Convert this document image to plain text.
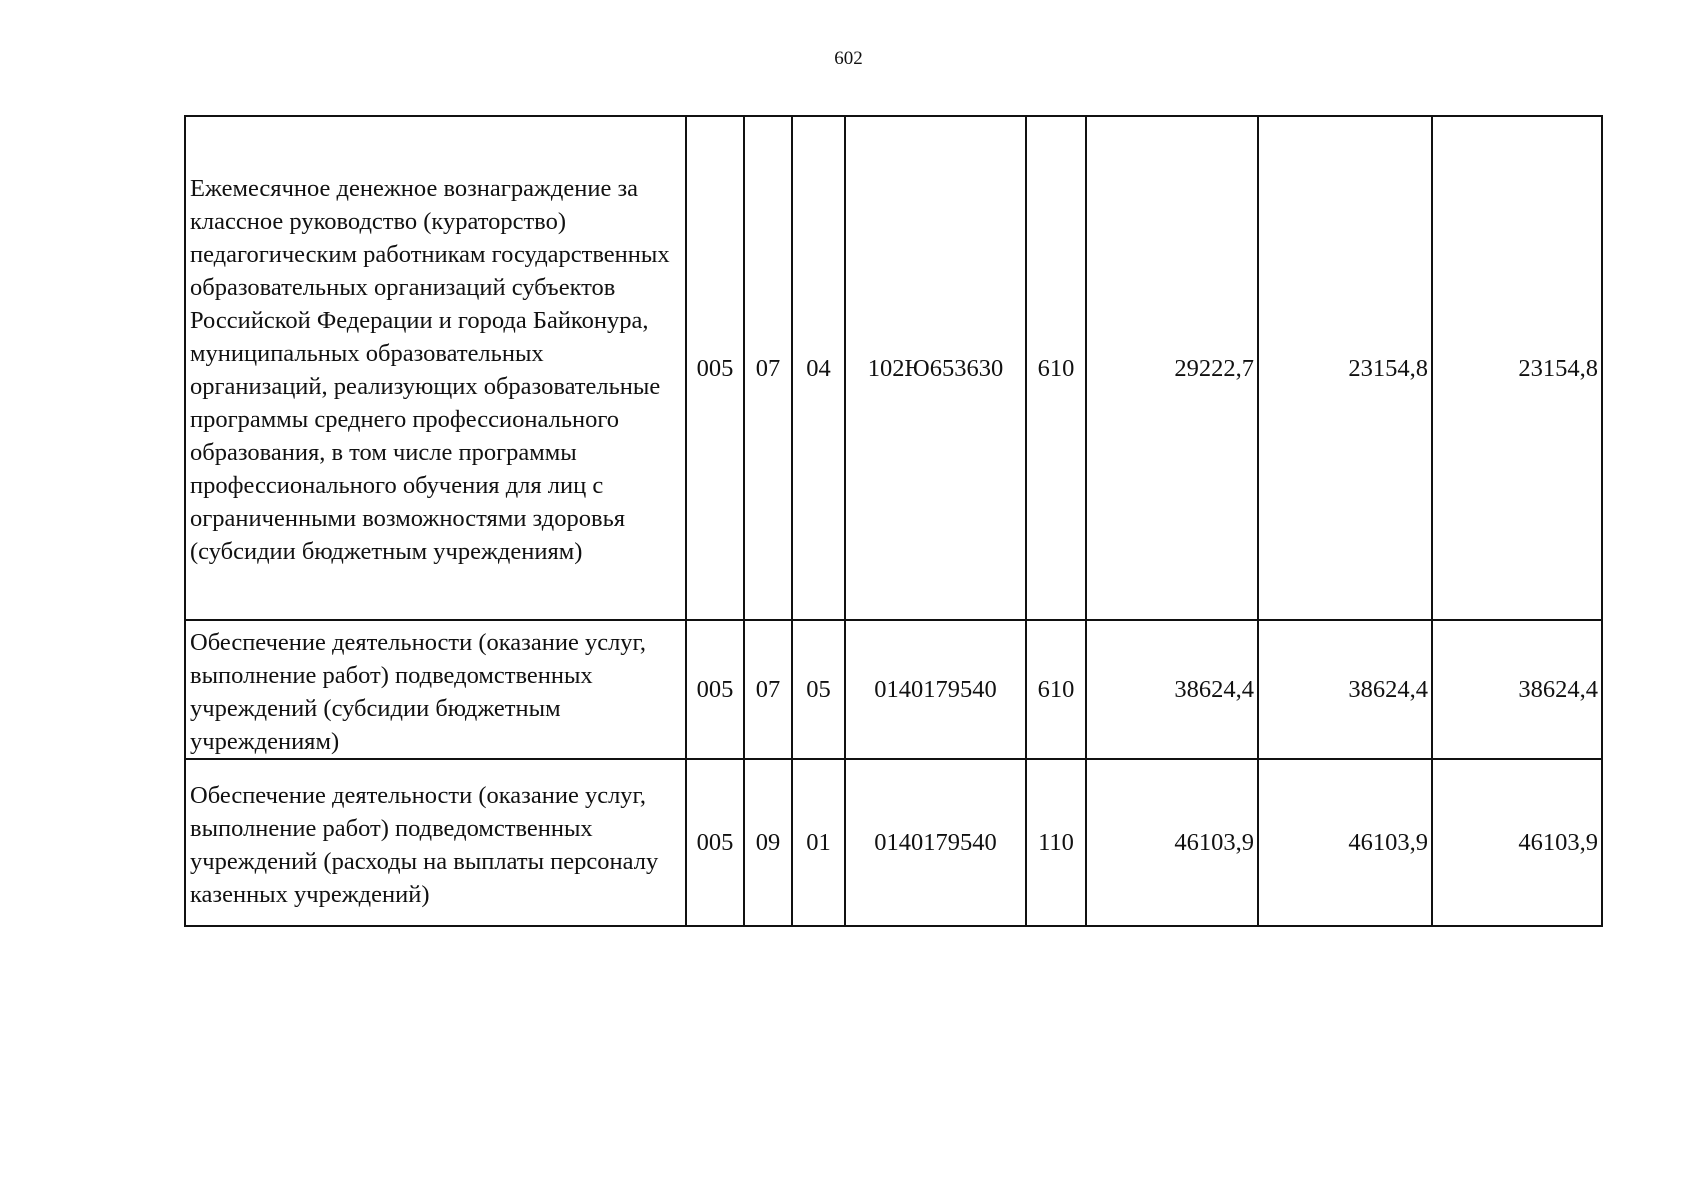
602
Ежемесячное денежное вознаграждение за классное руководство (кураторство) педагогическим работникам государственных образовательных организаций субъектов Российской Федерации и города Байконура, муниципальных образовательных организаций, реализующих образовательные программы среднего профессионального образования, в том числе программы профессионального обучения для лиц с ограниченными возможностями здоровья (субсидии бюджетным учреждениям)	005	07	04	102Ю653630	610	29222,7	23154,8	23154,8
Обеспечение деятельности (оказание услуг, выполнение работ) подведомственных учреждений (субсидии бюджетным учреждениям)	005	07	05	0140179540	610	38624,4	38624,4	38624,4
Обеспечение деятельности (оказание услуг, выполнение работ) подведомственных учреждений (расходы на выплаты персоналу казенных учреждений)	005	09	01	0140179540	110	46103,9	46103,9	46103,9
